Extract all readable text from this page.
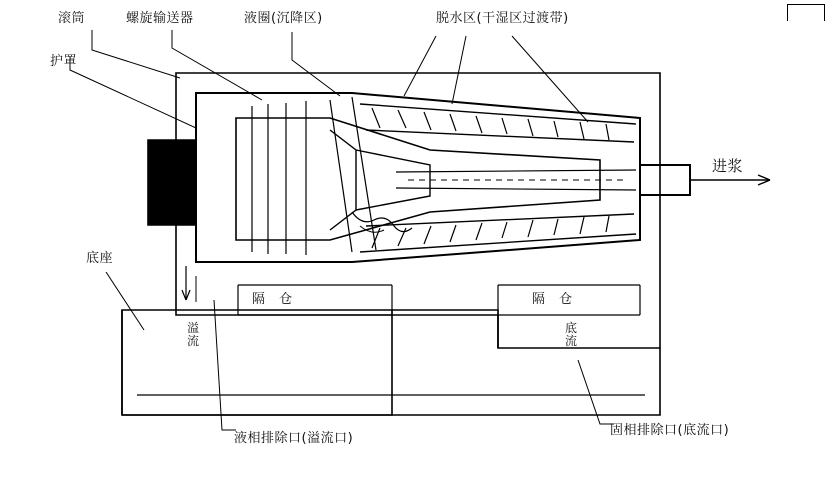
滚筒
护罩
螺旋输送器	液圈(沉降区)	脱水区(干湿区过渡带)
底座
进浆
隔 仓	隔 仓
溢流
底流
液相排除口(溢流口)
固相排除口(底流口)
